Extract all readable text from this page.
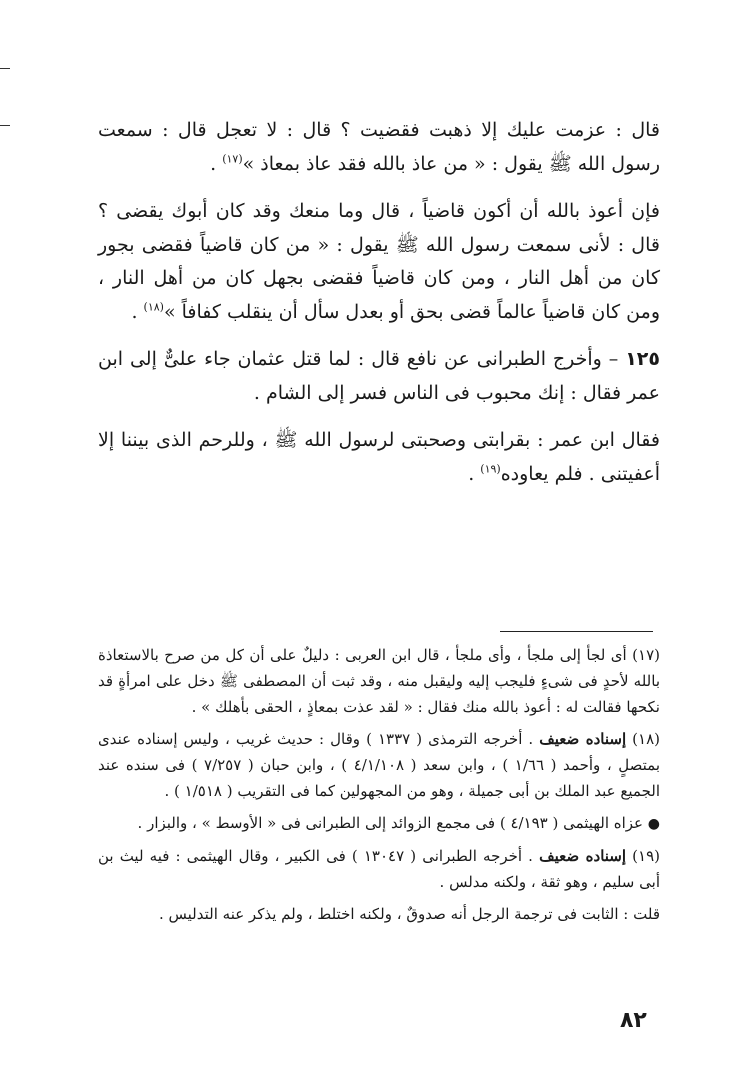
قال : عزمت عليك إلا ذهبت فقضيت ؟ قال : لا تعجل قال : سمعت رسول الله ﷺ يقول : « من عاذ بالله فقد عاذ بمعاذ »$^{(١٧)}$ .

فإن أعوذ بالله أن أكون قاضياً ، قال وما منعك وقد كان أبوك يقضى ؟ قال : لأنى سمعت رسول الله ﷺ يقول : « من كان قاضياً فقضى بجور كان من أهل النار ، ومن كان قاضياً فقضى بجهل كان من أهل النار ، ومن كان قاضياً عالماً قضى بحق أو بعدل سأل أن ينقلب كفافاً »$^{(١٨)}$ .

١٢٥ – وأخرج الطبرانى عن نافع قال : لما قتل عثمان جاء علىٌّ إلى ابن عمر فقال : إنك محبوب فى الناس فسر إلى الشام .

فقال ابن عمر : بقرابتى وصحبتى لرسول الله ﷺ ، وللرحم الذى بيننا إلا أعفيتنى . فلم يعاوده$^{(١٩)}$ .

(١٧) أى لجأ إلى ملجأ ، وأى ملجأ ، قال ابن العربى : دليلٌ على أن كل من صرح بالاستعاذة بالله لأحدٍ فى شىءٍ فليجب إليه وليقبل منه ، وقد ثبت أن المصطفى ﷺ دخل على امرأةٍ قد نكحها فقالت له : أعوذ بالله منك فقال : « لقد عذت بمعاذٍ ، الحقى بأهلك » .

(١٨) إسناده ضعيف . أخرجه الترمذى ( ١٣٣٧ ) وقال : حديث غريب ، وليس إسناده عندى بمتصلٍ ، وأحمد ( ١/٦٦ ) ، وابن سعد ( ٤/١/١٠٨ ) ، وابن حبان ( ٧/٢٥٧ ) فى سنده عند الجميع عبد الملك بن أبى جميلة ، وهو من المجهولين كما فى التقريب ( ١/٥١٨ ) .

● عزاه الهيثمى ( ٤/١٩٣ ) فى مجمع الزوائد إلى الطبرانى فى « الأوسط » ، والبزار .

(١٩) إسناده ضعيف . أخرجه الطبرانى ( ١٣٠٤٧ ) فى الكبير ، وقال الهيثمى : فيه ليث بن أبى سليم ، وهو ثقة ، ولكنه مدلس .

قلت : الثابت فى ترجمة الرجل أنه صدوقٌ ، ولكنه اختلط ، ولم يذكر عنه التدليس .

٨٢
